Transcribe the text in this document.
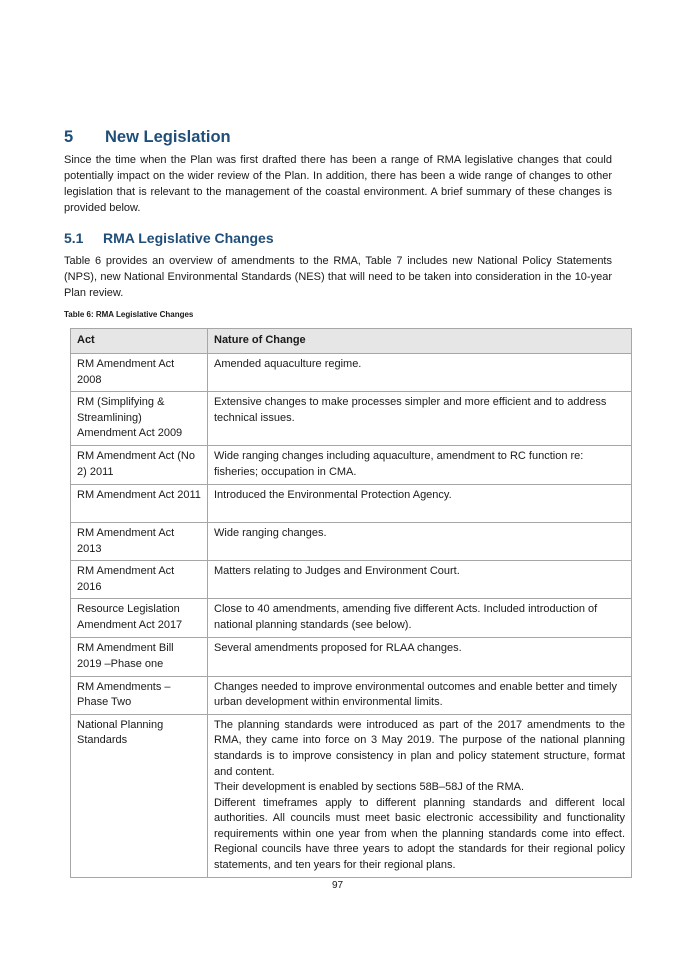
5 New Legislation

Since the time when the Plan was first drafted there has been a range of RMA legislative changes that could potentially impact on the wider review of the Plan. In addition, there has been a wide range of changes to other legislation that is relevant to the management of the coastal environment. A brief summary of these changes is provided below.

5.1 RMA Legislative Changes

Table 6 provides an overview of amendments to the RMA, Table 7 includes new National Policy Statements (NPS), new National Environmental Standards (NES) that will need to be taken into consideration in the 10-year Plan review.

Table 6: RMA Legislative Changes
Act	Nature of Change
RM Amendment Act 2008	Amended aquaculture regime.
RM (Simplifying & Streamlining) Amendment Act 2009	Extensive changes to make processes simpler and more efficient and to address technical issues.
RM Amendment Act (No 2) 2011	Wide ranging changes including aquaculture, amendment to RC function re: fisheries; occupation in CMA.
RM Amendment Act 2011	Introduced the Environmental Protection Agency.
RM Amendment Act 2013	Wide ranging changes.
RM Amendment Act 2016	Matters relating to Judges and Environment Court.
Resource Legislation Amendment Act 2017	Close to 40 amendments, amending five different Acts. Included introduction of national planning standards (see below).
RM Amendment Bill 2019 –Phase one	Several amendments proposed for RLAA changes.
RM Amendments – Phase Two	Changes needed to improve environmental outcomes and enable better and timely urban development within environmental limits.
National Planning Standards	The planning standards were introduced as part of the 2017 amendments to the RMA, they came into force on 3 May 2019. The purpose of the national planning standards is to improve consistency in plan and policy statement structure, format and content.
Their development is enabled by sections 58B–58J of the RMA.
Different timeframes apply to different planning standards and different local authorities. All councils must meet basic electronic accessibility and functionality requirements within one year from when the planning standards come into effect. Regional councils have three years to adopt the standards for their regional policy statements, and ten years for their regional plans.
97
